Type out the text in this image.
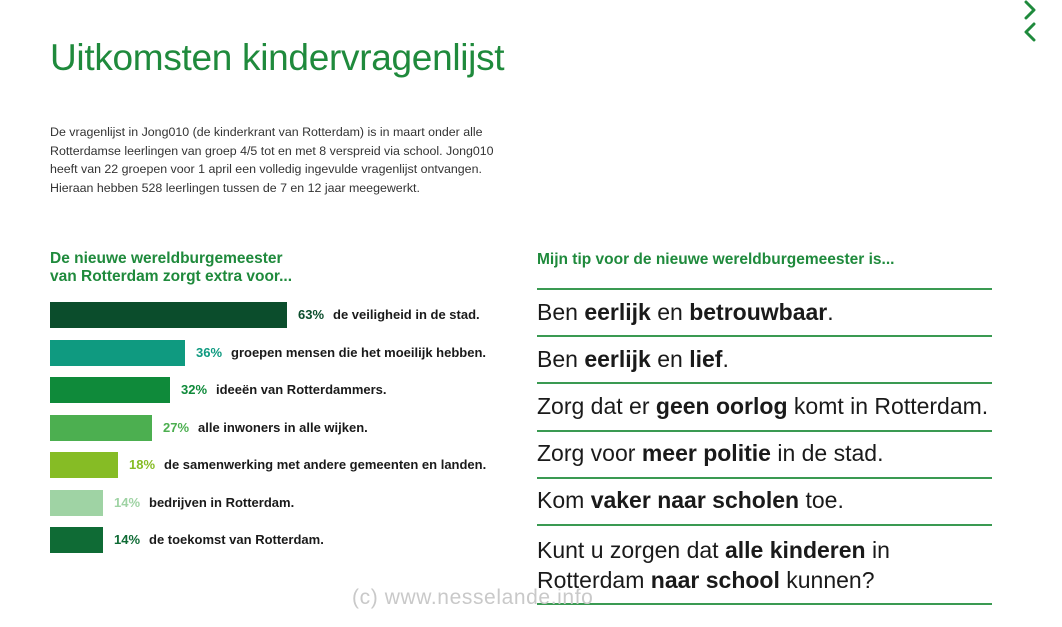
Uitkomsten kindervragenlijst

De vragenlijst in Jong010 (de kinderkrant van Rotterdam) is in maart onder alle
Rotterdamse leerlingen van groep 4/5 tot en met 8 verspreid via school. Jong010
heeft van 22 groepen voor 1 april een volledig ingevulde vragenlijst ontvangen.
Hieraan hebben 528 leerlingen tussen de 7 en 12 jaar meegewerkt.

De nieuwe wereldburgemeester
van Rotterdam zorgt extra voor...
63% de veiligheid in de stad.
36% groepen mensen die het moeilijk hebben.
32% ideeën van Rotterdammers.
27% alle inwoners in alle wijken.
18% de samenwerking met andere gemeenten en landen.
14% bedrijven in Rotterdam.
14% de toekomst van Rotterdam.
Mijn tip voor de nieuwe wereldburgemeester is...

Ben eerlijk en betrouwbaar.

Ben eerlijk en lief.

Zorg dat er geen oorlog komt in Rotterdam.

Zorg voor meer politie in de stad.

Kom vaker naar scholen toe.

Kunt u zorgen dat alle kinderen in
Rotterdam naar school kunnen?

(c) www.nesselande.info
